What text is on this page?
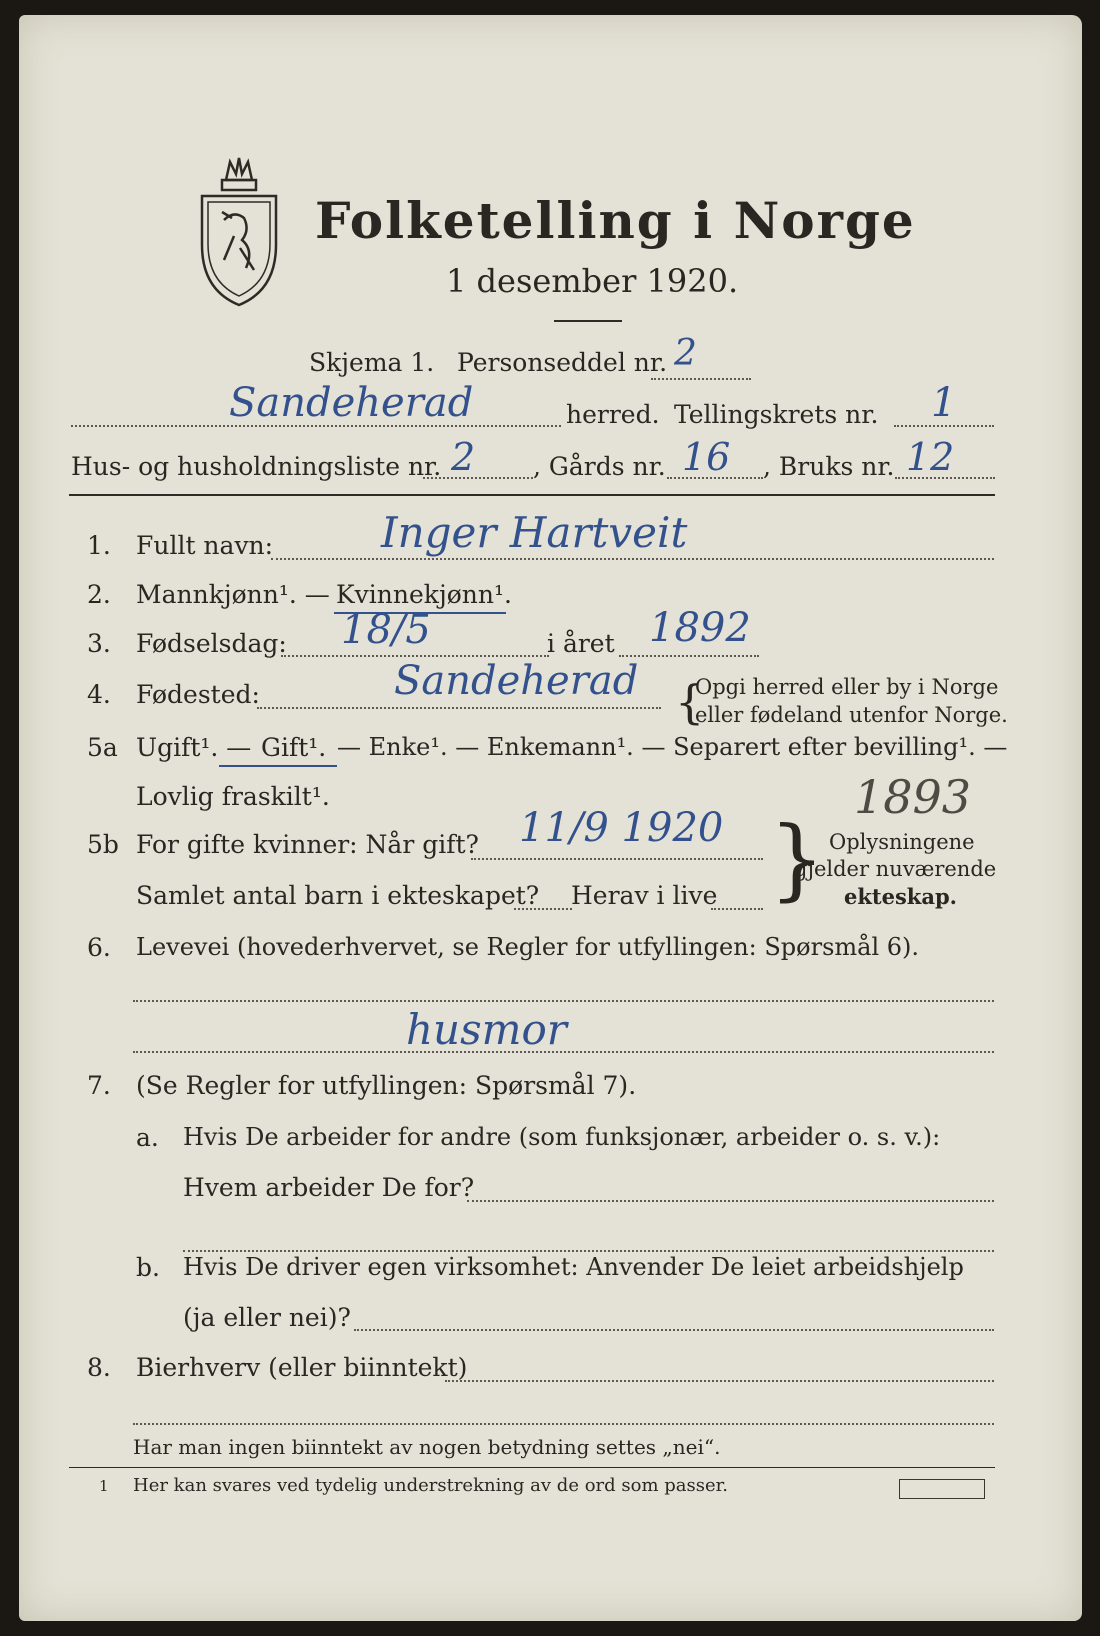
Folketelling i Norge
1 desember 1920.
Skjema 1. Personseddel nr. 2
Sandeherad	herred. Tellingskrets nr. 1
Hus- og husholdningsliste nr. 2 , Gårds nr. 16 , Bruks nr. 12
1. Fullt navn:	Inger Hartveit
2. Mannkjønn¹. — Kvinnekjønn¹.
3. Fødselsdag: 18/5	i året 1892
4. Fødested:	Sandeherad {
Opgi herred eller by i Norge
eller fødeland utenfor Norge.
5a Ugift¹. — Gift¹. — Enke¹. — Enkemann¹. — Separert efter bevilling¹. —
Lovlig fraskilt¹.	1893
5b For gifte kvinner: Når gift? 11/9 1920
Samlet antal barn i ekteskapet? Herav i live } Oplysningene
gjelder nuværende
ekteskap.
6. Levevei (hovederhvervet, se Regler for utfyllingen: Spørsmål 6).
husmor
7. (Se Regler for utfyllingen: Spørsmål 7).
a. Hvis De arbeider for andre (som funksjonær, arbeider o. s. v.):
Hvem arbeider De for?
b. Hvis De driver egen virksomhet: Anvender De leiet arbeidshjelp
(ja eller nei)?
8. Bierhverv (eller biinntekt)
Har man ingen biinntekt av nogen betydning settes „nei“.
1 Her kan svares ved tydelig understrekning av de ord som passer.
